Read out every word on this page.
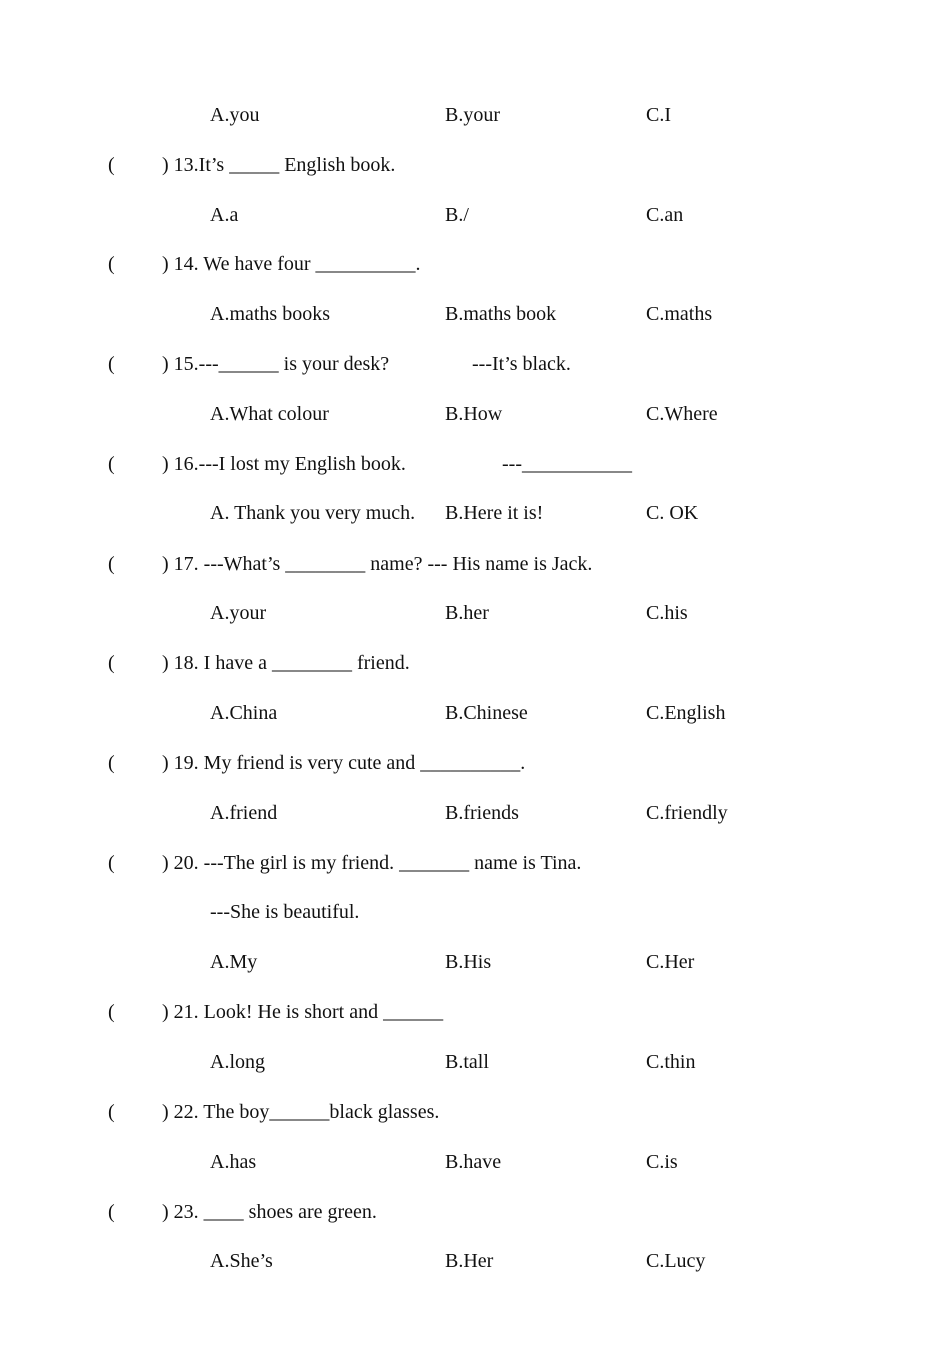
A.you	B.your	C.I
( ) 13.It’s _____ English book.
A.a	B./	C.an
( ) 14. We have four __________.
A.maths books	B.maths book	C.maths
( ) 15.---______ is your desk?	---It’s black.
A.What colour	B.How	C.Where
( ) 16.---I lost my English book.	---___________
A. Thank you very much. B.Here it is!	C. OK
( ) 17. ---What’s ________ name? --- His name is Jack.
A.your	B.her	C.his
( ) 18. I have a ________ friend.
A.China	B.Chinese	C.English
( ) 19. My friend is very cute and __________.
A.friend	B.friends	C.friendly
( ) 20. ---The girl is my friend. _______ name is Tina.
---She is beautiful.
A.My	B.His	C.Her
( ) 21. Look! He is short and ______
A.long	B.tall	C.thin
( ) 22. The boy______black glasses.
A.has	B.have	C.is
( ) 23. ____ shoes are green.
A.She’s	B.Her	C.Lucy
